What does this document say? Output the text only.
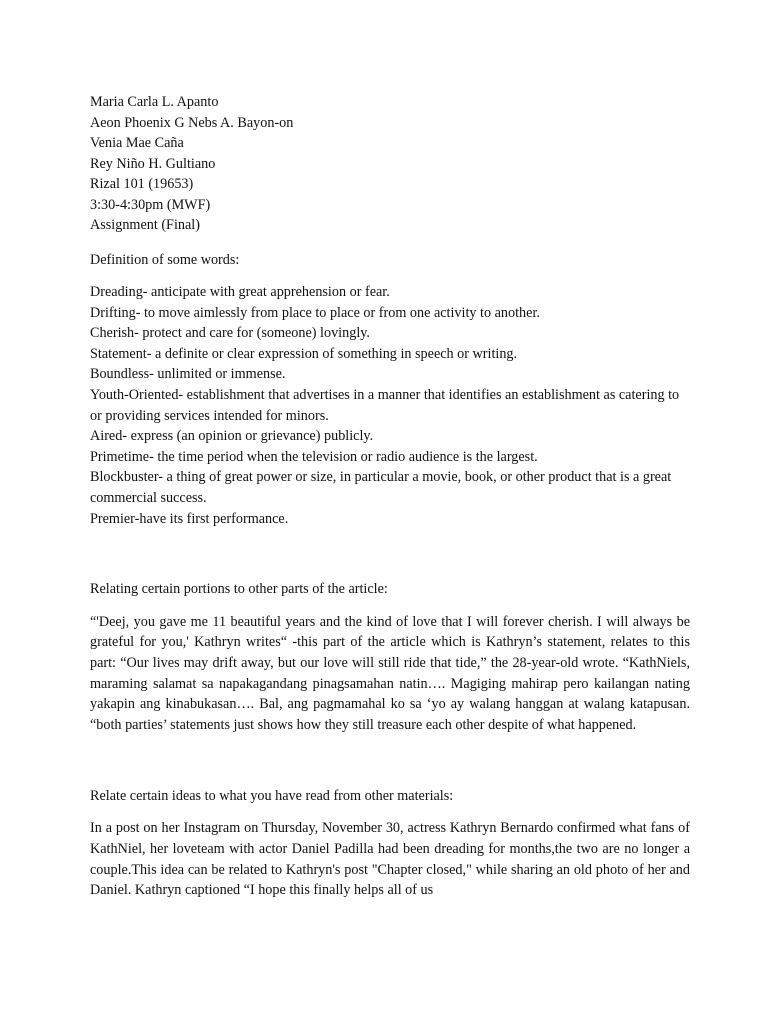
Maria Carla L. Apanto
Aeon Phoenix G Nebs A. Bayon-on
Venia Mae Caña
Rey Niño H. Gultiano
Rizal 101 (19653)
3:30-4:30pm (MWF)
Assignment (Final)
Definition of some words:
Dreading- anticipate with great apprehension or fear.
Drifting- to move aimlessly from place to place or from one activity to another.
Cherish- protect and care for (someone) lovingly.
Statement- a definite or clear expression of something in speech or writing.
Boundless- unlimited or immense.
Youth-Oriented- establishment that advertises in a manner that identifies an establishment as catering to or providing services intended for minors.
Aired- express (an opinion or grievance) publicly.
Primetime- the time period when the television or radio audience is the largest.
Blockbuster- a thing of great power or size, in particular a movie, book, or other product that is a great commercial success.
Premier-have its first performance.
Relating certain portions to other parts of the article:

“'Deej, you gave me 11 beautiful years and the kind of love that I will forever cherish. I will always be grateful for you,' Kathryn writes“ -this part of the article which is Kathryn’s statement, relates to this part: “Our lives may drift away, but our love will still ride that tide,” the 28-year-old wrote. “KathNiels, maraming salamat sa napakagandang pinagsamahan natin…. Magiging mahirap pero kailangan nating yakapin ang kinabukasan…. Bal, ang pagmamahal ko sa ‘yo ay walang hanggan at walang katapusan. “both parties’ statements just shows how they still treasure each other despite of what happened.

Relate certain ideas to what you have read from other materials:

In a post on her Instagram on Thursday, November 30, actress Kathryn Bernardo confirmed what fans of KathNiel, her loveteam with actor Daniel Padilla had been dreading for months,the two are no longer a couple.This idea can be related to Kathryn's post "Chapter closed," while sharing an old photo of her and Daniel. Kathryn captioned “I hope this finally helps all of us
